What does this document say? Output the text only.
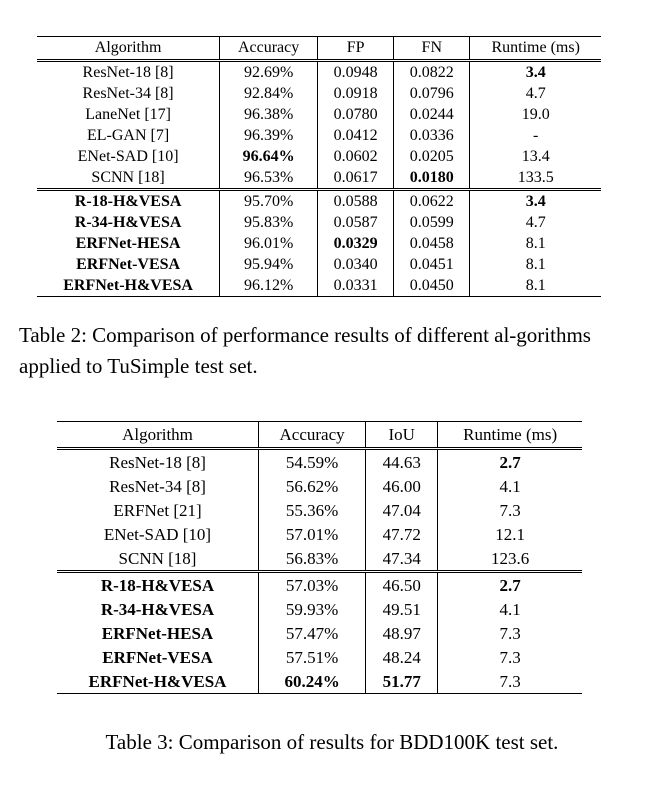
Algorithm	Accuracy	FP	FN	Runtime (ms)
ResNet-18 [8]	92.69%	0.0948	0.0822	3.4
ResNet-34 [8]	92.84%	0.0918	0.0796	4.7
LaneNet [17]	96.38%	0.0780	0.0244	19.0
EL-GAN [7]	96.39%	0.0412	0.0336	-
ENet-SAD [10]	96.64%	0.0602	0.0205	13.4
SCNN [18]	96.53%	0.0617	0.0180	133.5
R-18-H&VESA	95.70%	0.0588	0.0622	3.4
R-34-H&VESA	95.83%	0.0587	0.0599	4.7
ERFNet-HESA	96.01%	0.0329	0.0458	8.1
ERFNet-VESA	95.94%	0.0340	0.0451	8.1
ERFNet-H&VESA	96.12%	0.0331	0.0450	8.1
Table 2: Comparison of performance results of different al-gorithms applied to TuSimple test set.
Algorithm	Accuracy	IoU	Runtime (ms)
ResNet-18 [8]	54.59%	44.63	2.7
ResNet-34 [8]	56.62%	46.00	4.1
ERFNet [21]	55.36%	47.04	7.3
ENet-SAD [10]	57.01%	47.72	12.1
SCNN [18]	56.83%	47.34	123.6
R-18-H&VESA	57.03%	46.50	2.7
R-34-H&VESA	59.93%	49.51	4.1
ERFNet-HESA	57.47%	48.97	7.3
ERFNet-VESA	57.51%	48.24	7.3
ERFNet-H&VESA	60.24%	51.77	7.3
Table 3: Comparison of results for BDD100K test set.
